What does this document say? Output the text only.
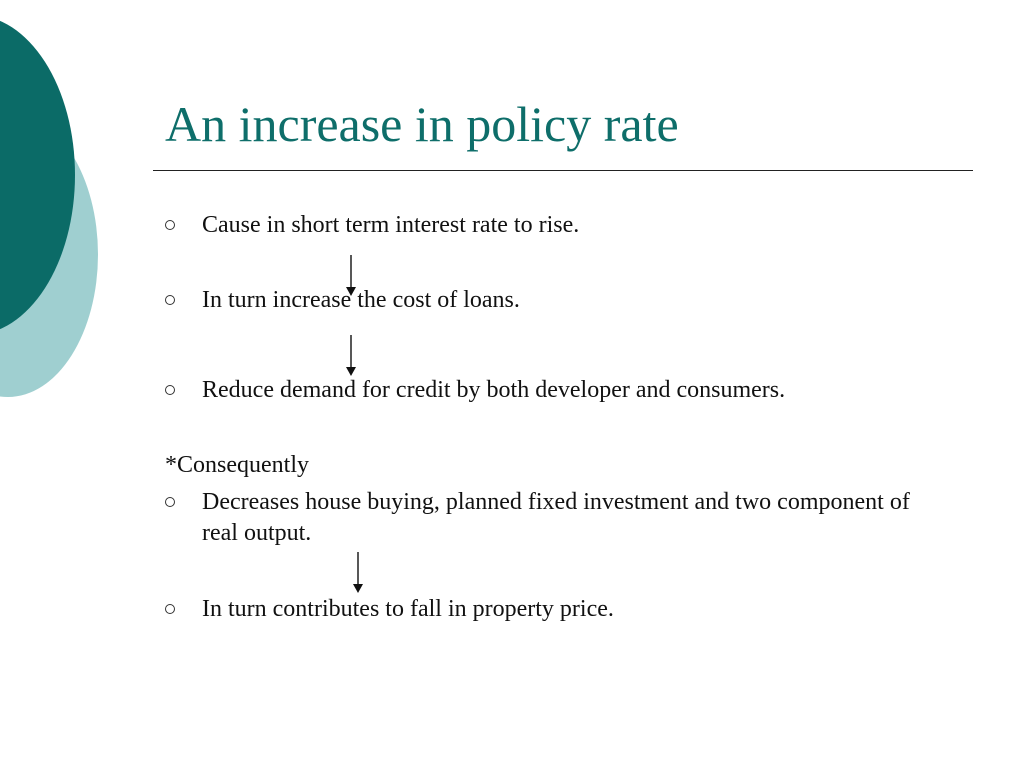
An increase in policy rate
Cause in short term interest rate to rise.
In turn increase the cost of loans.
Reduce demand for credit by both developer and consumers.
*Consequently
Decreases house buying, planned fixed investment and two component of real output.
In turn contributes to fall in property price.
